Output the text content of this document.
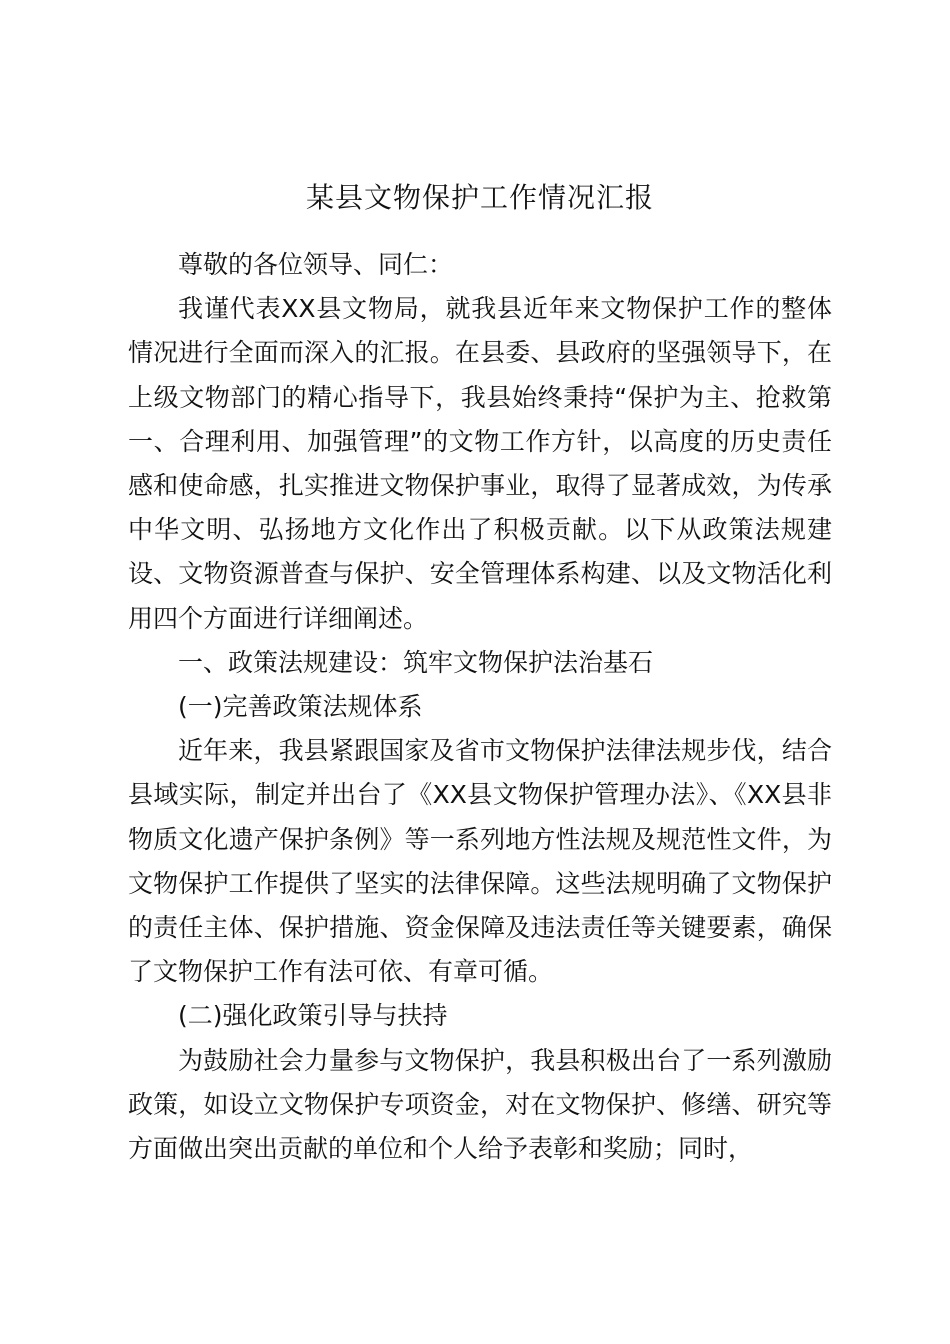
某县文物保护工作情况汇报

尊敬的各位领导、同仁：

我谨代表XX县文物局，就我县近年来文物保护工作的整体情况进行全面而深入的汇报。在县委、县政府的坚强领导下，在上级文物部门的精心指导下，我县始终秉持“保护为主、抢救第一、合理利用、加强管理”的文物工作方针，以高度的历史责任感和使命感，扎实推进文物保护事业，取得了显著成效，为传承中华文明、弘扬地方文化作出了积极贡献。以下从政策法规建设、文物资源普查与保护、安全管理体系构建、以及文物活化利用四个方面进行详细阐述。

一、政策法规建设：筑牢文物保护法治基石

(一)完善政策法规体系

近年来，我县紧跟国家及省市文物保护法律法规步伐，结合县域实际，制定并出台了《XX县文物保护管理办法》、《XX县非物质文化遗产保护条例》等一系列地方性法规及规范性文件，为文物保护工作提供了坚实的法律保障。这些法规明确了文物保护的责任主体、保护措施、资金保障及违法责任等关键要素，确保了文物保护工作有法可依、有章可循。

(二)强化政策引导与扶持

为鼓励社会力量参与文物保护，我县积极出台了一系列激励政策，如设立文物保护专项资金，对在文物保护、修缮、研究等方面做出突出贡献的单位和个人给予表彰和奖励；同时，
